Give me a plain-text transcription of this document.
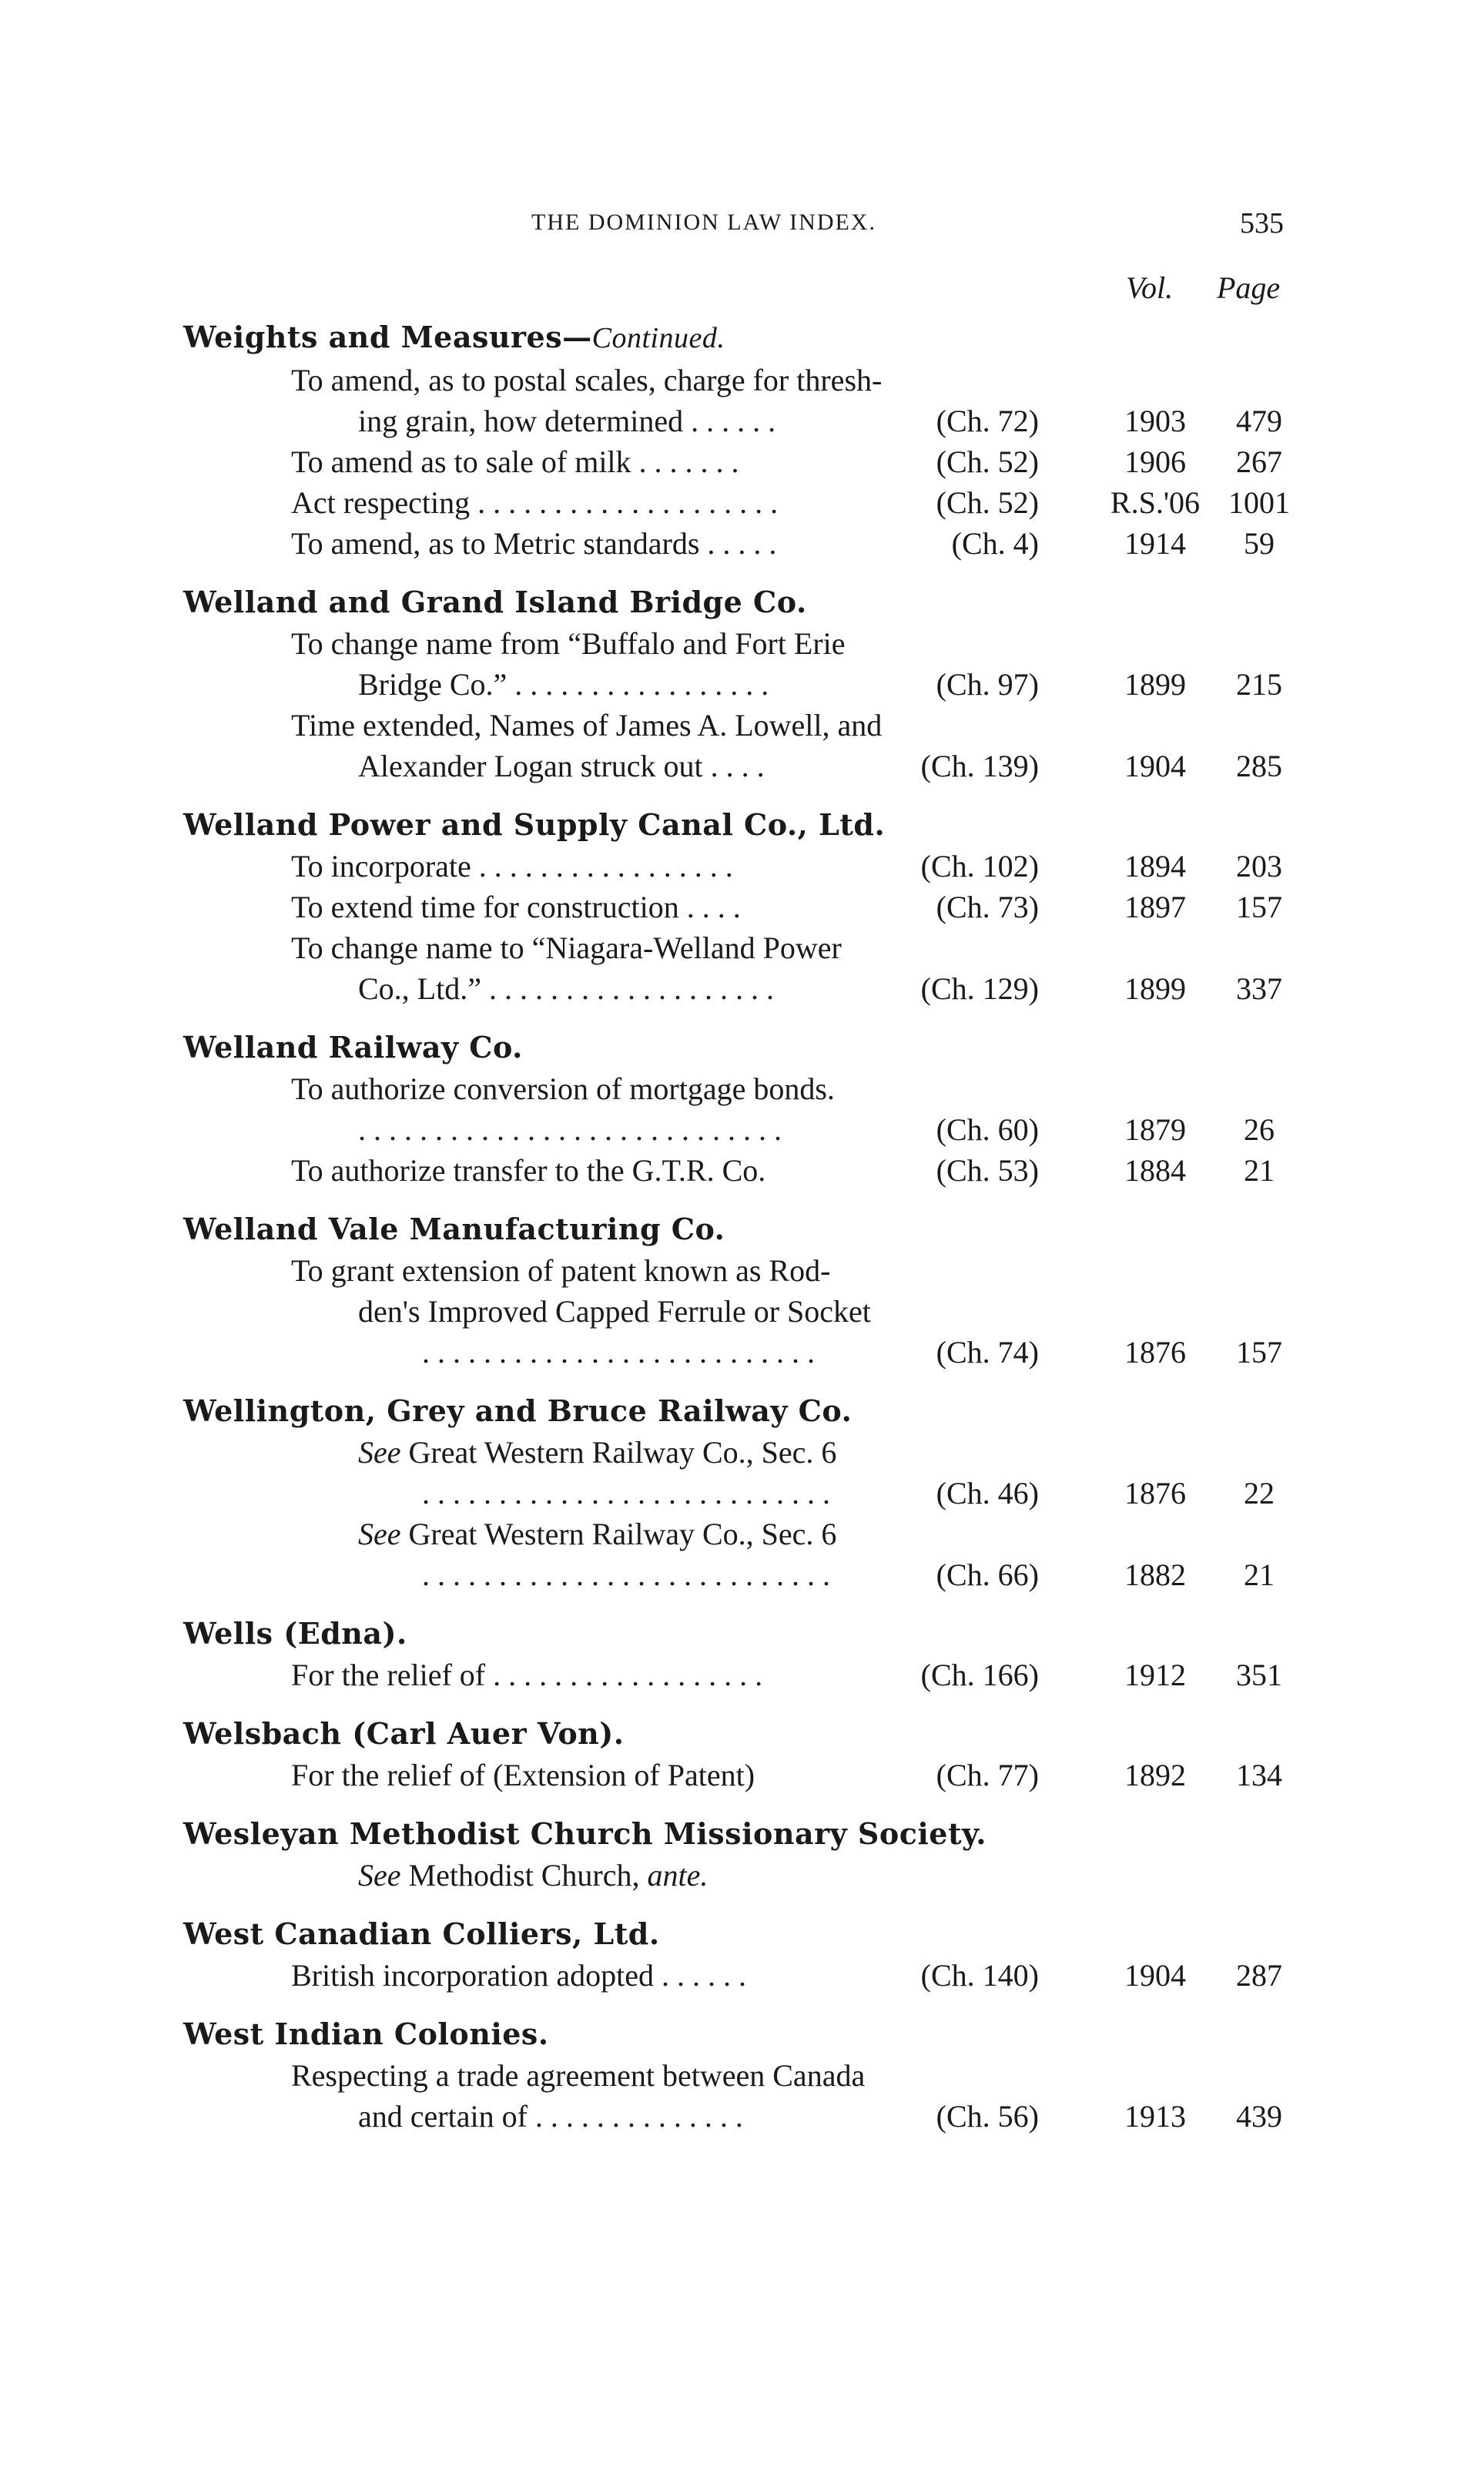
THE DOMINION LAW INDEX.	535
Vol. Page
Weights and Measures—Continued.
To amend, as to postal scales, charge for thresh-
ing grain, how determined . . . . . .	(Ch. 72)	1903	479
To amend as to sale of milk . . . . . . .	(Ch. 52)	1906	267
Act respecting . . . . . . . . . . . . . . . . . . . .	(Ch. 52) R.S.'06 1001
To amend, as to Metric standards . . . . .	(Ch. 4)	1914	59
Welland and Grand Island Bridge Co.
To change name from “Buffalo and Fort Erie
Bridge Co.” . . . . . . . . . . . . . . . . .	(Ch. 97)	1899	215
Time extended, Names of James A. Lowell, and
Alexander Logan struck out . . . .	(Ch. 139)	1904	285
Welland Power and Supply Canal Co., Ltd.
To incorporate . . . . . . . . . . . . . . . . .	(Ch. 102)	1894	203
To extend time for construction . . . .	(Ch. 73)	1897	157
To change name to “Niagara-Welland Power
Co., Ltd.” . . . . . . . . . . . . . . . . . . .	(Ch. 129)	1899	337
Welland Railway Co.
To authorize conversion of mortgage bonds.
. . . . . . . . . . . . . . . . . . . . . . . . . . . .	(Ch. 60)	1879	26
To authorize transfer to the G.T.R. Co.	(Ch. 53)	1884	21
Welland Vale Manufacturing Co.
To grant extension of patent known as Rod-
den's Improved Capped Ferrule or Socket
. . . . . . . . . . . . . . . . . . . . . . . . . .	(Ch. 74)	1876	157
Wellington, Grey and Bruce Railway Co.
See Great Western Railway Co., Sec. 6
. . . . . . . . . . . . . . . . . . . . . . . . . . .	(Ch. 46)	1876	22
See Great Western Railway Co., Sec. 6
. . . . . . . . . . . . . . . . . . . . . . . . . . .	(Ch. 66)	1882	21
Wells (Edna).
For the relief of . . . . . . . . . . . . . . . . . .	(Ch. 166)	1912	351
Welsbach (Carl Auer Von).
For the relief of (Extension of Patent)	(Ch. 77)	1892	134
Wesleyan Methodist Church Missionary Society.
See Methodist Church, ante.
West Canadian Colliers, Ltd.
British incorporation adopted . . . . . .	(Ch. 140)	1904	287
West Indian Colonies.
Respecting a trade agreement between Canada
and certain of . . . . . . . . . . . . . .	(Ch. 56)	1913	439
